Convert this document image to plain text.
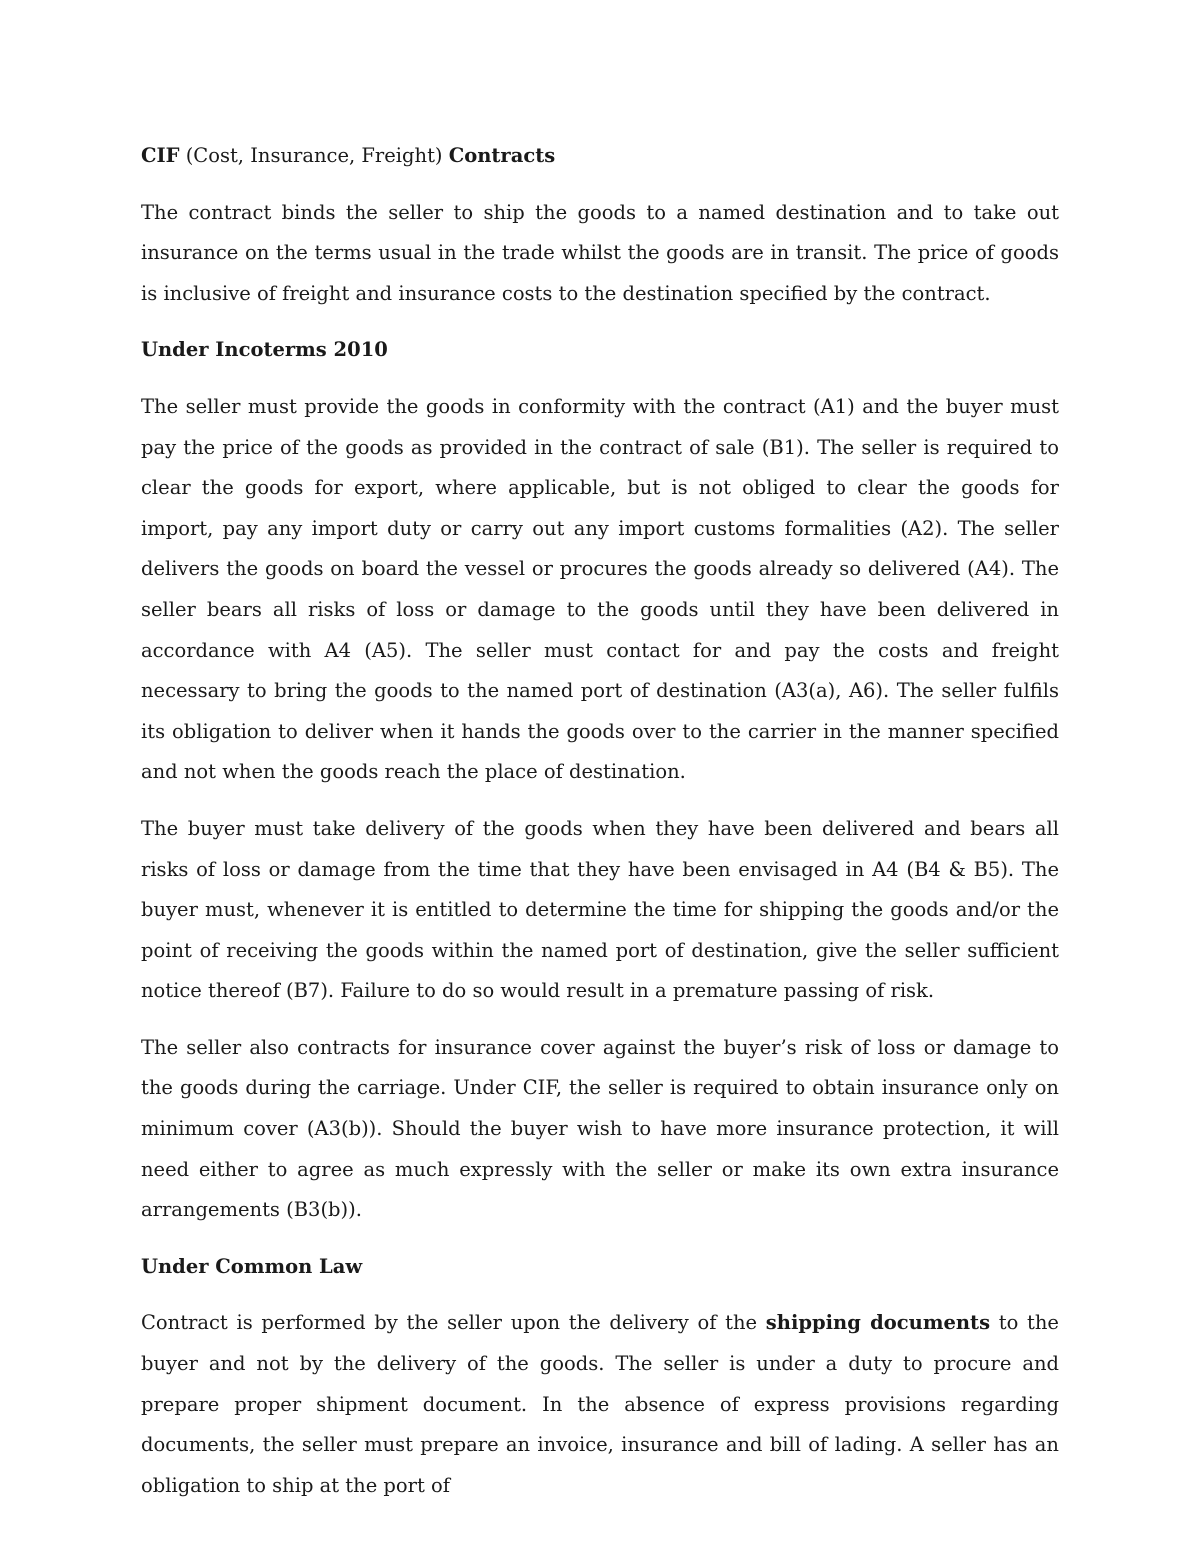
CIF (Cost, Insurance, Freight) Contracts

The contract binds the seller to ship the goods to a named destination and to take out insurance on the terms usual in the trade whilst the goods are in transit. The price of goods is inclusive of freight and insurance costs to the destination specified by the contract.

Under Incoterms 2010

The seller must provide the goods in conformity with the contract (A1) and the buyer must pay the price of the goods as provided in the contract of sale (B1). The seller is required to clear the goods for export, where applicable, but is not obliged to clear the goods for import, pay any import duty or carry out any import customs formalities (A2). The seller delivers the goods on board the vessel or procures the goods already so delivered (A4). The seller bears all risks of loss or damage to the goods until they have been delivered in accordance with A4 (A5). The seller must contact for and pay the costs and freight necessary to bring the goods to the named port of destination (A3(a), A6). The seller fulfils its obligation to deliver when it hands the goods over to the carrier in the manner specified and not when the goods reach the place of destination.

The buyer must take delivery of the goods when they have been delivered and bears all risks of loss or damage from the time that they have been envisaged in A4 (B4 & B5). The buyer must, whenever it is entitled to determine the time for shipping the goods and/or the point of receiving the goods within the named port of destination, give the seller sufficient notice thereof (B7). Failure to do so would result in a premature passing of risk.

The seller also contracts for insurance cover against the buyer’s risk of loss or damage to the goods during the carriage. Under CIF, the seller is required to obtain insurance only on minimum cover (A3(b)). Should the buyer wish to have more insurance protection, it will need either to agree as much expressly with the seller or make its own extra insurance arrangements (B3(b)).

Under Common Law

Contract is performed by the seller upon the delivery of the shipping documents to the buyer and not by the delivery of the goods. The seller is under a duty to procure and prepare proper shipment document. In the absence of express provisions regarding documents, the seller must prepare an invoice, insurance and bill of lading. A seller has an obligation to ship at the port of
